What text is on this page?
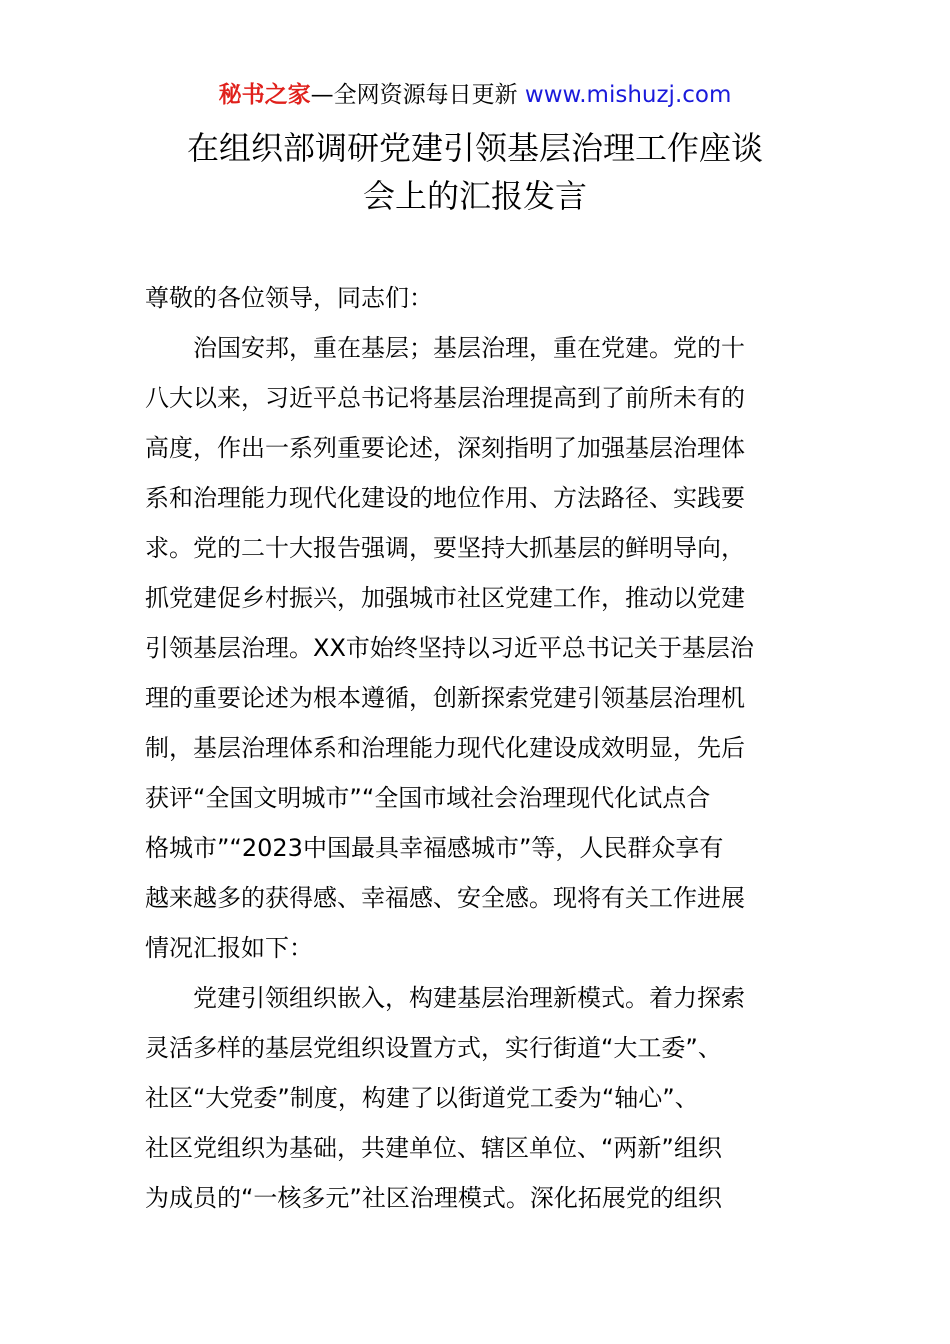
秘书之家—全网资源每日更新 www.mishuzj.com
在组织部调研党建引领基层治理工作座谈
会上的汇报发言

尊敬的各位领导，同志们：

　　治国安邦，重在基层；基层治理，重在党建。党的十
八大以来，习近平总书记将基层治理提高到了前所未有的
高度，作出一系列重要论述，深刻指明了加强基层治理体
系和治理能力现代化建设的地位作用、方法路径、实践要
求。党的二十大报告强调，要坚持大抓基层的鲜明导向，
抓党建促乡村振兴，加强城市社区党建工作，推动以党建
引领基层治理。XX市始终坚持以习近平总书记关于基层治
理的重要论述为根本遵循，创新探索党建引领基层治理机
制，基层治理体系和治理能力现代化建设成效明显，先后
获评“全国文明城市”“全国市域社会治理现代化试点合
格城市”“2023中国最具幸福感城市”等，人民群众享有
越来越多的获得感、幸福感、安全感。现将有关工作进展
情况汇报如下：

　　党建引领组织嵌入，构建基层治理新模式。着力探索
灵活多样的基层党组织设置方式，实行街道“大工委”、
社区“大党委”制度，构建了以街道党工委为“轴心”、
社区党组织为基础，共建单位、辖区单位、“两新”组织
为成员的“一核多元”社区治理模式。深化拓展党的组织
